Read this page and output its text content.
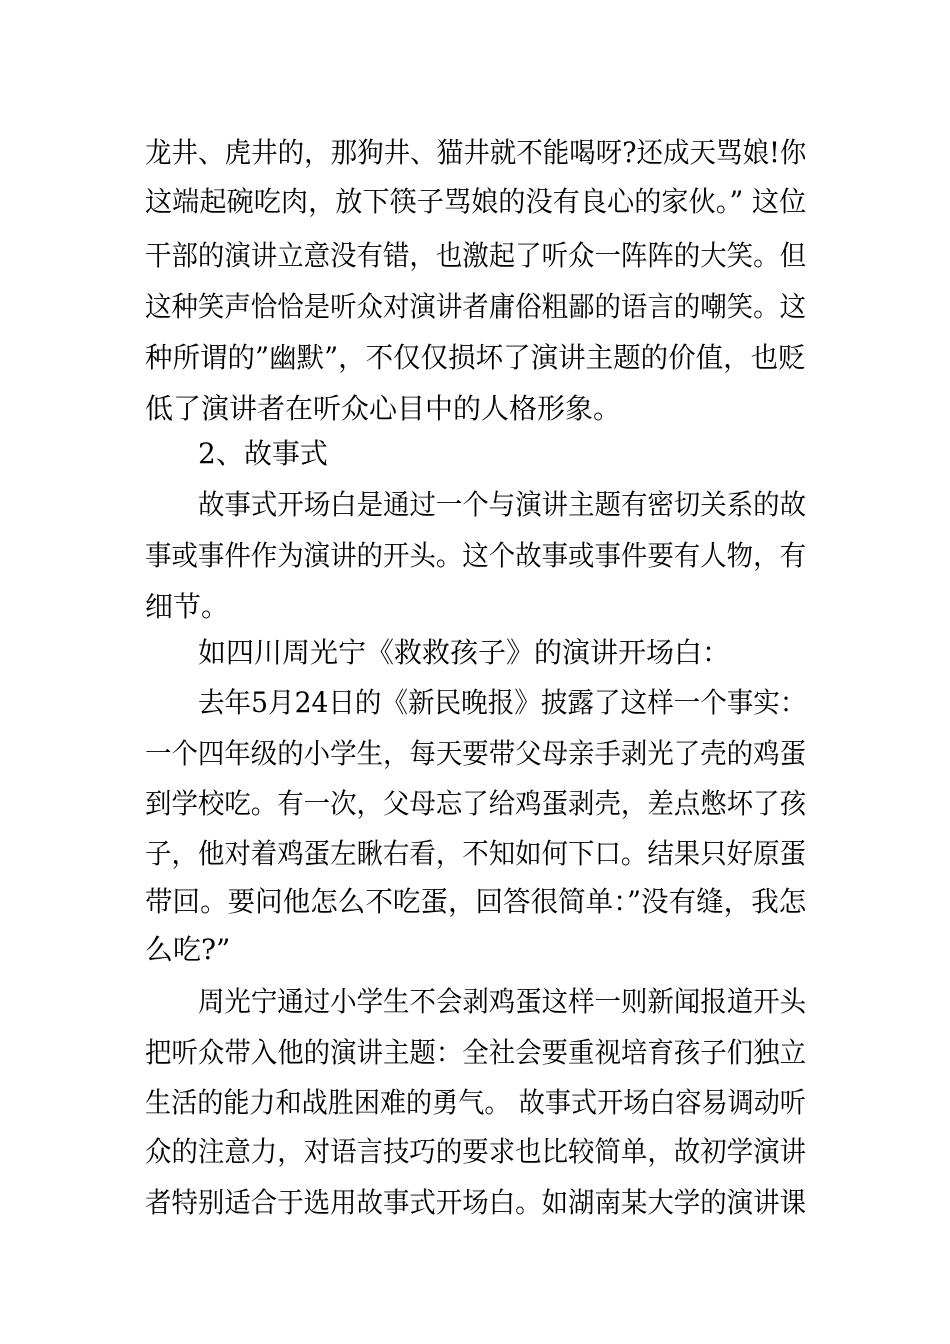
龙井、虎井的，那狗井、猫井就不能喝呀?还成天骂娘!你
这端起碗吃肉，放下筷子骂娘的没有良心的家伙。” 这位
干部的演讲立意没有错，也激起了听众一阵阵的大笑。但
这种笑声恰恰是听众对演讲者庸俗粗鄙的语言的嘲笑。这
种所谓的”幽默”，不仅仅损坏了演讲主题的价值，也贬
低了演讲者在听众心目中的人格形象。
2、故事式
故事式开场白是通过一个与演讲主题有密切关系的故
事或事件作为演讲的开头。这个故事或事件要有人物，有
细节。
如四川周光宁《救救孩子》的演讲开场白：
去年5月24日的《新民晚报》披露了这样一个事实：
一个四年级的小学生，每天要带父母亲手剥光了壳的鸡蛋
到学校吃。有一次，父母忘了给鸡蛋剥壳，差点憋坏了孩
子，他对着鸡蛋左瞅右看，不知如何下口。结果只好原蛋
带回。要问他怎么不吃蛋，回答很简单：”没有缝，我怎
么吃?”
周光宁通过小学生不会剥鸡蛋这样一则新闻报道开头
把听众带入他的演讲主题：全社会要重视培育孩子们独立
生活的能力和战胜困难的勇气。 故事式开场白容易调动听
众的注意力，对语言技巧的要求也比较简单，故初学演讲
者特别适合于选用故事式开场白。如湖南某大学的演讲课
